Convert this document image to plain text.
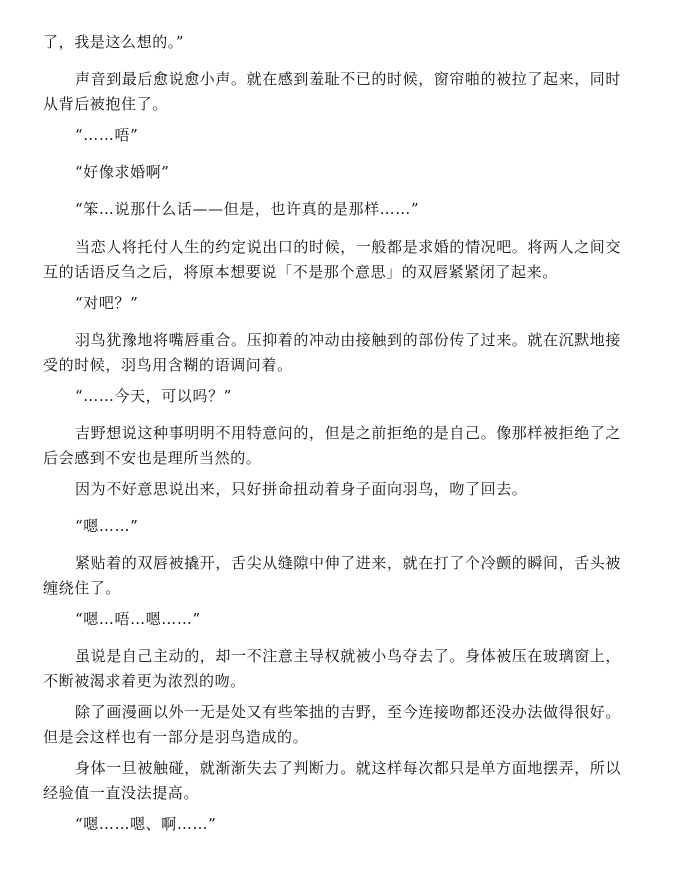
了，我是这么想的。”

声音到最后愈说愈小声。就在感到羞耻不已的时候，窗帘啪的被拉了起来，同时从背后被抱住了。

“……唔”

“好像求婚啊”

“笨…说那什么话——但是，也许真的是那样……”

当恋人将托付人生的约定说出口的时候，一般都是求婚的情况吧。将两人之间交互的话语反刍之后，将原本想要说「不是那个意思」的双唇紧紧闭了起来。

“对吧？”

羽鸟犹豫地将嘴唇重合。压抑着的冲动由接触到的部份传了过来。就在沉默地接受的时候，羽鸟用含糊的语调问着。

“……今天，可以吗？”

吉野想说这种事明明不用特意问的，但是之前拒绝的是自己。像那样被拒绝了之后会感到不安也是理所当然的。

因为不好意思说出来，只好拼命扭动着身子面向羽鸟，吻了回去。

“嗯……”

紧贴着的双唇被撬开，舌尖从缝隙中伸了进来，就在打了个冷颤的瞬间，舌头被缠绕住了。

“嗯…唔…嗯……”

虽说是自己主动的，却一不注意主导权就被小鸟夺去了。身体被压在玻璃窗上，不断被渴求着更为浓烈的吻。

除了画漫画以外一无是处又有些笨拙的吉野，至今连接吻都还没办法做得很好。但是会这样也有一部分是羽鸟造成的。

身体一旦被触碰，就渐渐失去了判断力。就这样每次都只是单方面地摆弄，所以经验值一直没法提高。

“嗯……嗯、啊……”
